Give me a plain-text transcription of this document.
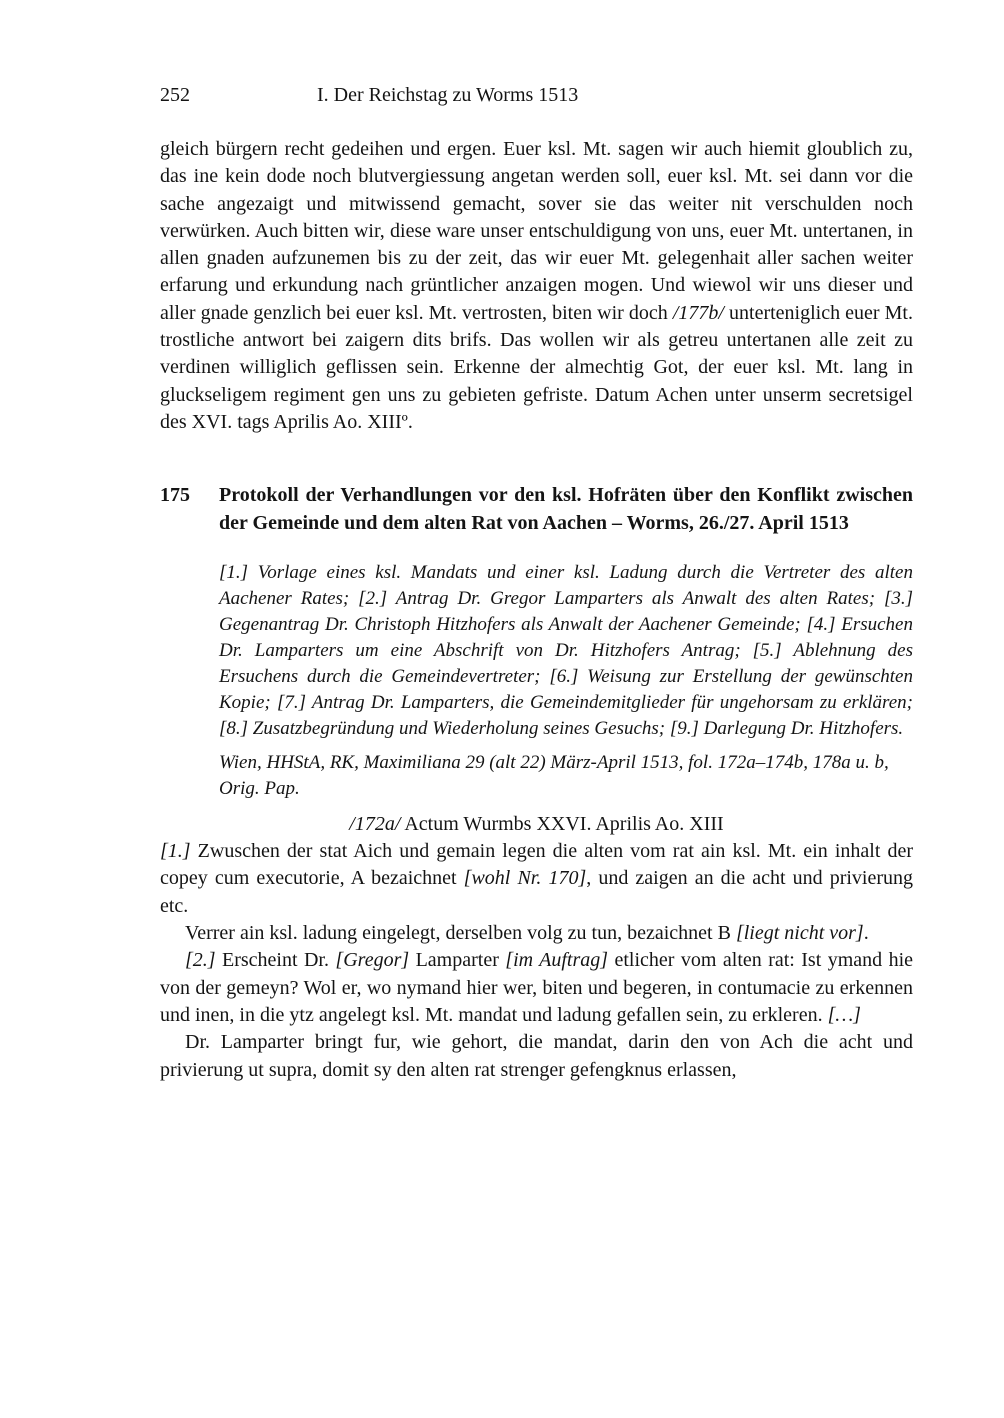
252	I. Der Reichstag zu Worms 1513

gleich bürgern recht gedeihen und ergen. Euer ksl. Mt. sagen wir auch hiemit gloublich zu, das ine kein dode noch blutvergiessung angetan werden soll, euer ksl. Mt. sei dann vor die sache angezaigt und mitwissend gemacht, sover sie das weiter nit verschulden noch verwürken. Auch bitten wir, diese ware unser entschuldigung von uns, euer Mt. untertanen, in allen gnaden aufzunemen bis zu der zeit, das wir euer Mt. gelegenhait aller sachen weiter erfarung und erkundung nach grüntlicher anzaigen mogen. Und wiewol wir uns dieser und aller gnade genzlich bei euer ksl. Mt. vertrosten, biten wir doch /177b/ unterteniglich euer Mt. trostliche antwort bei zaigern dits brifs. Das wollen wir als getreu untertanen alle zeit zu verdinen williglich geflissen sein. Erkenne der almechtig Got, der euer ksl. Mt. lang in gluckseligem regiment gen uns zu gebieten gefriste. Datum Achen unter unserm secretsigel des XVI. tags Aprilis Ao. XIIIº.

175 Protokoll der Verhandlungen vor den ksl. Hofräten über den Konflikt zwischen der Gemeinde und dem alten Rat von Aachen – Worms, 26./27. April 1513

[1.] Vorlage eines ksl. Mandats und einer ksl. Ladung durch die Vertreter des alten Aachener Rates; [2.] Antrag Dr. Gregor Lamparters als Anwalt des alten Rates; [3.] Gegenantrag Dr. Christoph Hitzhofers als Anwalt der Aachener Gemeinde; [4.] Ersuchen Dr. Lamparters um eine Abschrift von Dr. Hitzhofers Antrag; [5.] Ablehnung des Ersuchens durch die Gemeindevertreter; [6.] Weisung zur Erstellung der gewünschten Kopie; [7.] Antrag Dr. Lamparters, die Gemeindemitglieder für ungehorsam zu erklären; [8.] Zusatzbegründung und Wiederholung seines Gesuchs; [9.] Darlegung Dr. Hitzhofers.

Wien, HHStA, RK, Maximiliana 29 (alt 22) März-April 1513, fol. 172a–174b, 178a u. b, Orig. Pap.

/172a/ Actum Wurmbs XXVI. Aprilis Ao. XIII

[1.] Zwuschen der stat Aich und gemain legen die alten vom rat ain ksl. Mt. ein inhalt der copey cum executorie, A bezaichnet [wohl Nr. 170], und zaigen an die acht und privierung etc.

Verrer ain ksl. ladung eingelegt, derselben volg zu tun, bezaichnet B [liegt nicht vor].

[2.] Erscheint Dr. [Gregor] Lamparter [im Auftrag] etlicher vom alten rat: Ist ymand hie von der gemeyn? Wol er, wo nymand hier wer, biten und begeren, in contumacie zu erkennen und inen, in die ytz angelegt ksl. Mt. mandat und ladung gefallen sein, zu erkleren. […]

Dr. Lamparter bringt fur, wie gehort, die mandat, darin den von Ach die acht und privierung ut supra, domit sy den alten rat strenger gefengknus erlassen,
